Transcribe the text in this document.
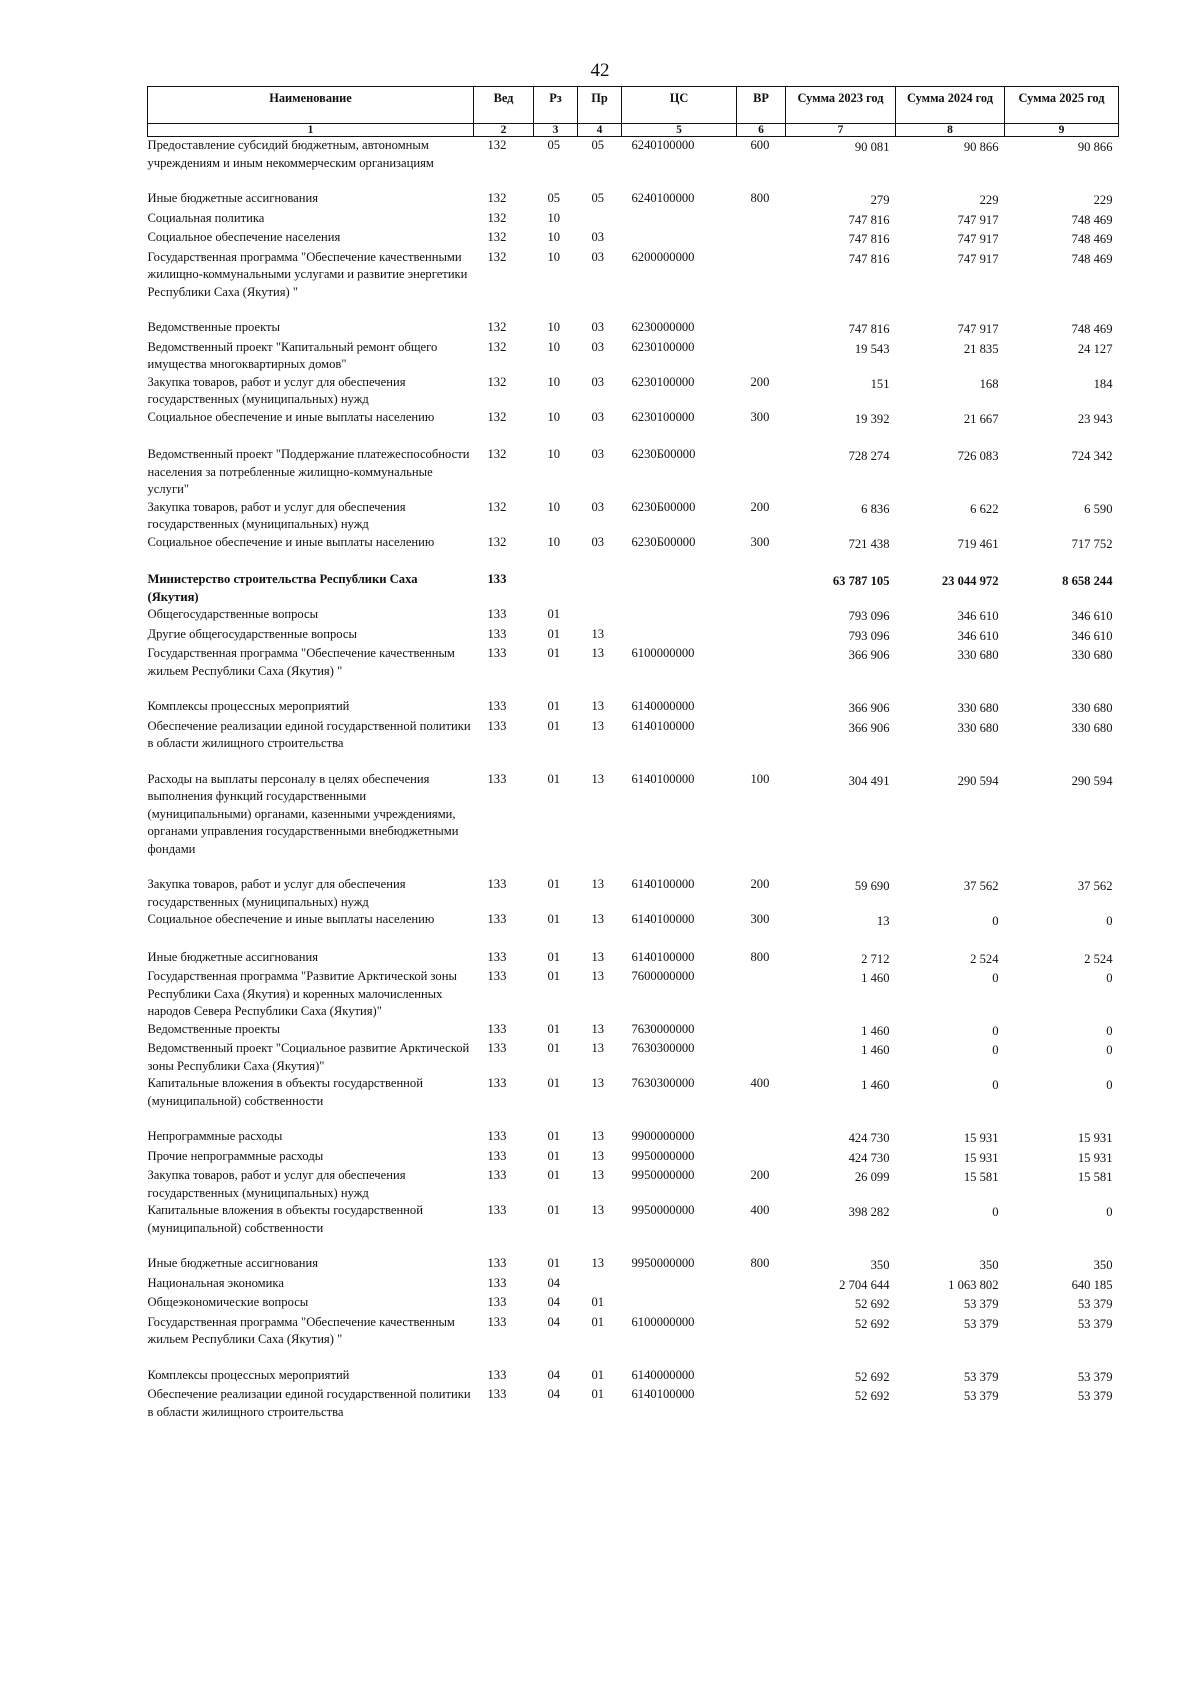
42
Наименование	Вед	Рз	Пр	ЦС	ВР	Сумма 2023 год	Сумма 2024 год	Сумма 2025 год
1	2	3	4	5	6	7	8	9
Предоставление субсидий бюджетным, автономным учреждениям и иным некоммерческим организациям	132	05	05	6240100000	600	90 081	90 866	90 866

Иные бюджетные ассигнования	132	05	05	6240100000	800	279	229	229
Социальная политика	132	10				747 816	747 917	748 469
Социальное обеспечение населения	132	10	03			747 816	747 917	748 469
Государственная программа "Обеспечение качественными жилищно-коммунальными услугами и развитие энергетики Республики Саха (Якутия) "	132	10	03	6200000000		747 816	747 917	748 469

Ведомственные проекты	132	10	03	6230000000		747 816	747 917	748 469
Ведомственный проект "Капитальный ремонт общего имущества многоквартирных домов"	132	10	03	6230100000		19 543	21 835	24 127
Закупка товаров, работ и услуг для обеспечения государственных (муниципальных) нужд	132	10	03	6230100000	200	151	168	184
Социальное обеспечение и иные выплаты населению	132	10	03	6230100000	300	19 392	21 667	23 943

Ведомственный проект "Поддержание платежеспособности населения за потребленные жилищно-коммунальные услуги"	132	10	03	6230Б00000		728 274	726 083	724 342
Закупка товаров, работ и услуг для обеспечения государственных (муниципальных) нужд	132	10	03	6230Б00000	200	6 836	6 622	6 590
Социальное обеспечение и иные выплаты населению	132	10	03	6230Б00000	300	721 438	719 461	717 752

Министерство строительства Республики Саха (Якутия)	133					63 787 105	23 044 972	8 658 244
Общегосударственные вопросы	133	01				793 096	346 610	346 610
Другие общегосударственные вопросы	133	01	13			793 096	346 610	346 610
Государственная программа "Обеспечение качественным жильем Республики Саха (Якутия) "	133	01	13	6100000000		366 906	330 680	330 680

Комплексы процессных мероприятий	133	01	13	6140000000		366 906	330 680	330 680
Обеспечение реализации единой государственной политики в области жилищного строительства	133	01	13	6140100000		366 906	330 680	330 680

Расходы на выплаты персоналу в целях обеспечения выполнения функций государственными (муниципальными) органами, казенными учреждениями, органами управления государственными внебюджетными фондами	133	01	13	6140100000	100	304 491	290 594	290 594

Закупка товаров, работ и услуг для обеспечения государственных (муниципальных) нужд	133	01	13	6140100000	200	59 690	37 562	37 562
Социальное обеспечение и иные выплаты населению	133	01	13	6140100000	300	13	0	0

Иные бюджетные ассигнования	133	01	13	6140100000	800	2 712	2 524	2 524
Государственная программа "Развитие Арктической зоны Республики Саха (Якутия) и коренных малочисленных народов Севера Республики Саха (Якутия)"	133	01	13	7600000000		1 460	0	0
Ведомственные проекты	133	01	13	7630000000		1 460	0	0
Ведомственный проект "Социальное развитие Арктической зоны Республики Саха (Якутия)"	133	01	13	7630300000		1 460	0	0
Капитальные вложения в объекты государственной (муниципальной) собственности	133	01	13	7630300000	400	1 460	0	0

Непрограммные расходы	133	01	13	9900000000		424 730	15 931	15 931
Прочие непрограммные расходы	133	01	13	9950000000		424 730	15 931	15 931
Закупка товаров, работ и услуг для обеспечения государственных (муниципальных) нужд	133	01	13	9950000000	200	26 099	15 581	15 581
Капитальные вложения в объекты государственной (муниципальной) собственности	133	01	13	9950000000	400	398 282	0	0

Иные бюджетные ассигнования	133	01	13	9950000000	800	350	350	350
Национальная экономика	133	04				2 704 644	1 063 802	640 185
Общеэкономические вопросы	133	04	01			52 692	53 379	53 379
Государственная программа "Обеспечение качественным жильем Республики Саха (Якутия) "	133	04	01	6100000000		52 692	53 379	53 379

Комплексы процессных мероприятий	133	04	01	6140000000		52 692	53 379	53 379
Обеспечение реализации единой государственной политики в области жилищного строительства	133	04	01	6140100000		52 692	53 379	53 379
